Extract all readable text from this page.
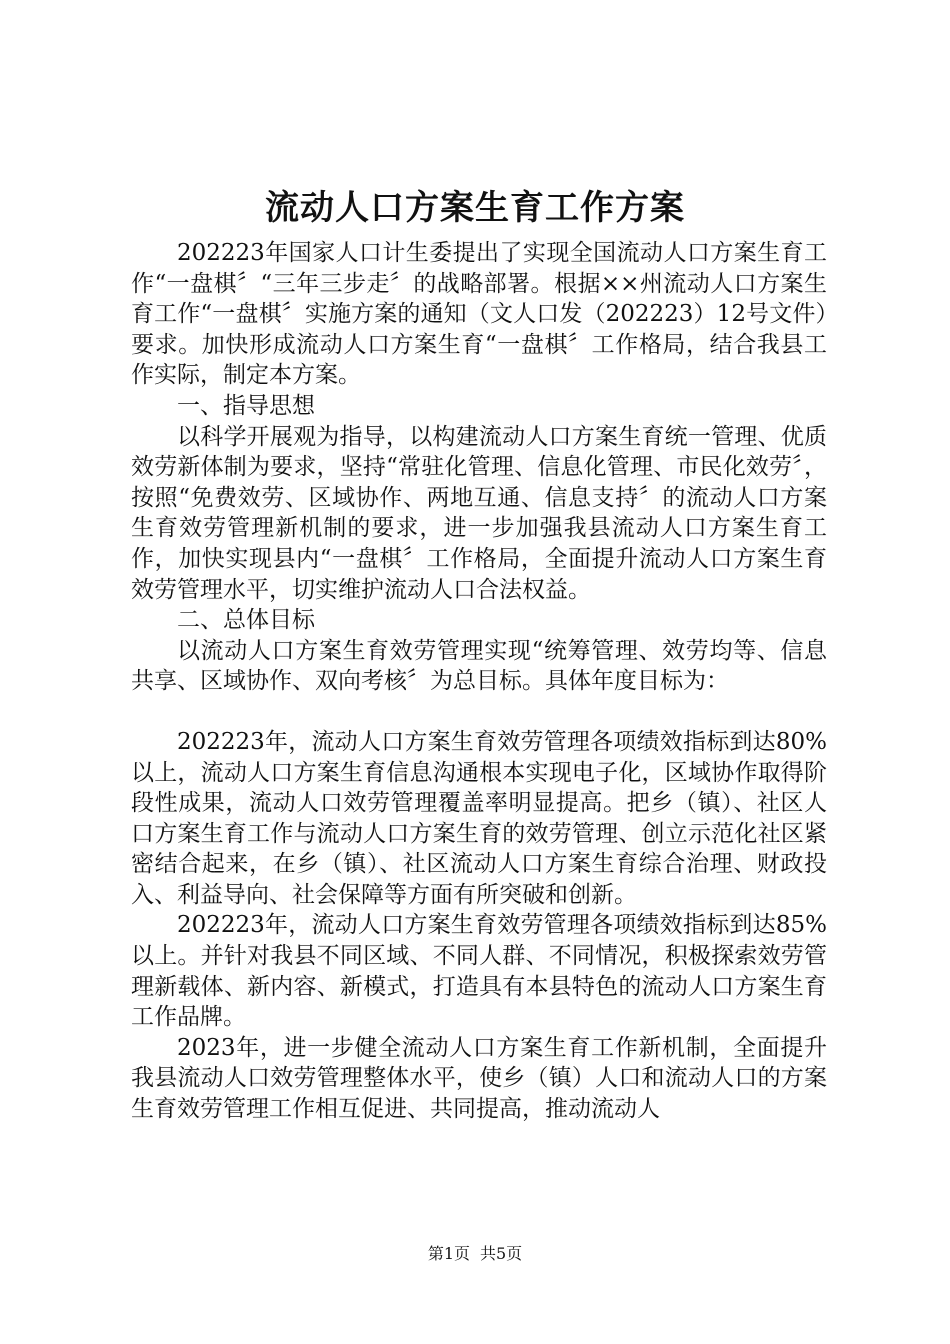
流动人口方案生育工作方案

202223年国家人口计生委提出了实现全国流动人口方案生育工作“一盘棋〞“三年三步走〞的战略部署。根据××州流动人口方案生育工作“一盘棋〞实施方案的通知（文人口发（202223）12号文件）要求。加快形成流动人口方案生育“一盘棋〞工作格局，结合我县工作实际，制定本方案。

一、指导思想

以科学开展观为指导，以构建流动人口方案生育统一管理、优质效劳新体制为要求，坚持“常驻化管理、信息化管理、市民化效劳〞，按照“免费效劳、区域协作、两地互通、信息支持〞的流动人口方案生育效劳管理新机制的要求，进一步加强我县流动人口方案生育工作，加快实现县内“一盘棋〞工作格局，全面提升流动人口方案生育效劳管理水平，切实维护流动人口合法权益。

二、总体目标

以流动人口方案生育效劳管理实现“统筹管理、效劳均等、信息共享、区域协作、双向考核〞为总目标。具体年度目标为：

202223年，流动人口方案生育效劳管理各项绩效指标到达80%以上，流动人口方案生育信息沟通根本实现电子化，区域协作取得阶段性成果，流动人口效劳管理覆盖率明显提高。把乡（镇）、社区人口方案生育工作与流动人口方案生育的效劳管理、创立示范化社区紧密结合起来，在乡（镇）、社区流动人口方案生育综合治理、财政投入、利益导向、社会保障等方面有所突破和创新。

202223年，流动人口方案生育效劳管理各项绩效指标到达85%以上。并针对我县不同区域、不同人群、不同情况，积极探索效劳管理新载体、新内容、新模式，打造具有本县特色的流动人口方案生育工作品牌。

2023年，进一步健全流动人口方案生育工作新机制，全面提升我县流动人口效劳管理整体水平，使乡（镇）人口和流动人口的方案生育效劳管理工作相互促进、共同提高，推动流动人

第1页 共5页
